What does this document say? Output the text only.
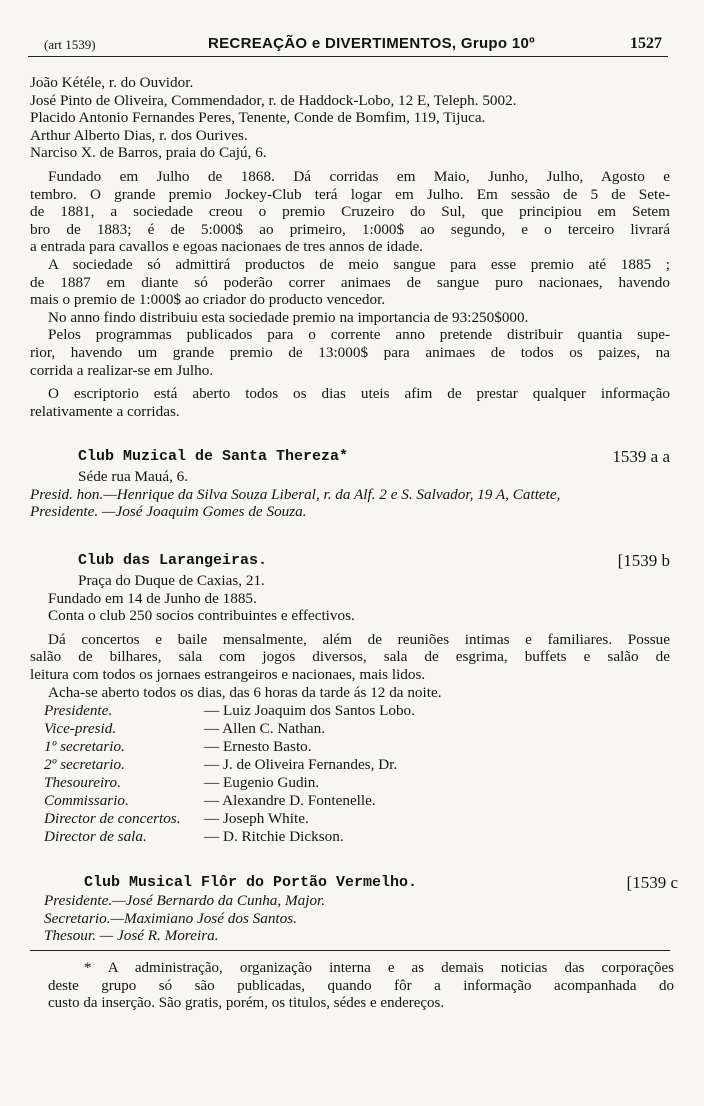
(art 1539)	RECREAÇÃO e DIVERTIMENTOS, Grupo 10º	1527
João Kétéle, r. do Ouvidor.
José Pinto de Oliveira, Commendador, r. de Haddock-Lobo, 12 E, Teleph. 5002.
Placido Antonio Fernandes Peres, Tenente, Conde de Bomfim, 119, Tijuca.
Arthur Alberto Dias, r. dos Ourives.
Narciso X. de Barros, praia do Cajú, 6.
Fundado em Julho de 1868. Dá corridas em Maio, Junho, Julho, Agosto e
tembro. O grande premio Jockey-Club terá logar em Julho. Em sessão de 5 de Sete-
de 1881, a sociedade creou o premio Cruzeiro do Sul, que principiou em Setem
bro de 1883; é de 5:000$ ao primeiro, 1:000$ ao segundo, e o terceiro livrará
a entrada para cavallos e egoas nacionaes de tres annos de idade.
A sociedade só admittirá productos de meio sangue para esse premio até 1885 ;
de 1887 em diante só poderão correr animaes de sangue puro nacionaes, havendo
mais o premio de 1:000$ ao criador do producto vencedor.
No anno findo distribuiu esta sociedade premio na importancia de 93:250$000.
Pelos programmas publicados para o corrente anno pretende distribuir quantia supe-
rior, havendo um grande premio de 13:000$ para animaes de todos os paizes, na
corrida a realizar-se em Julho.
O escriptorio está aberto todos os dias uteis afim de prestar qualquer informação
relativamente a corridas.
Club Muzical de Santa Thereza*	1539 a a
Séde rua Mauá, 6.
Presid. hon.—Henrique da Silva Souza Liberal, r. da Alf. 2 e S. Salvador, 19 A, Cattete,
Presidente. —José Joaquim Gomes de Souza.
Club das Larangeiras.	[1539 b
Praça do Duque de Caxias, 21.
Fundado em 14 de Junho de 1885.
Conta o club 250 socios contribuintes e effectivos.
Dá concertos e baile mensalmente, além de reuniões intimas e familiares. Possue
salão de bilhares, sala com jogos diversos, sala de esgrima, buffets e salão de
leitura com todos os jornaes estrangeiros e nacionaes, mais lidos.
Acha-se aberto todos os dias, das 6 horas da tarde ás 12 da noite.
Presidente.	— Luiz Joaquim dos Santos Lobo.
Vice-presid.	— Allen C. Nathan.
1º secretario.	— Ernesto Basto.
2º secretario.	— J. de Oliveira Fernandes, Dr.
Thesoureiro.	— Eugenio Gudin.
Commissario.	— Alexandre D. Fontenelle.
Director de concertos. — Joseph White.
Director de sala.	— D. Ritchie Dickson.
Club Musical Flôr do Portão Vermelho.	[1539 c
Presidente.—José Bernardo da Cunha, Major.
Secretario.—Maximiano José dos Santos.
Thesour. — José R. Moreira.
* A administração, organização interna e as demais noticias das corporações
deste grupo só são publicadas, quando fôr a informação acompanhada do
custo da inserção. São gratis, porém, os titulos, sédes e endereços.
